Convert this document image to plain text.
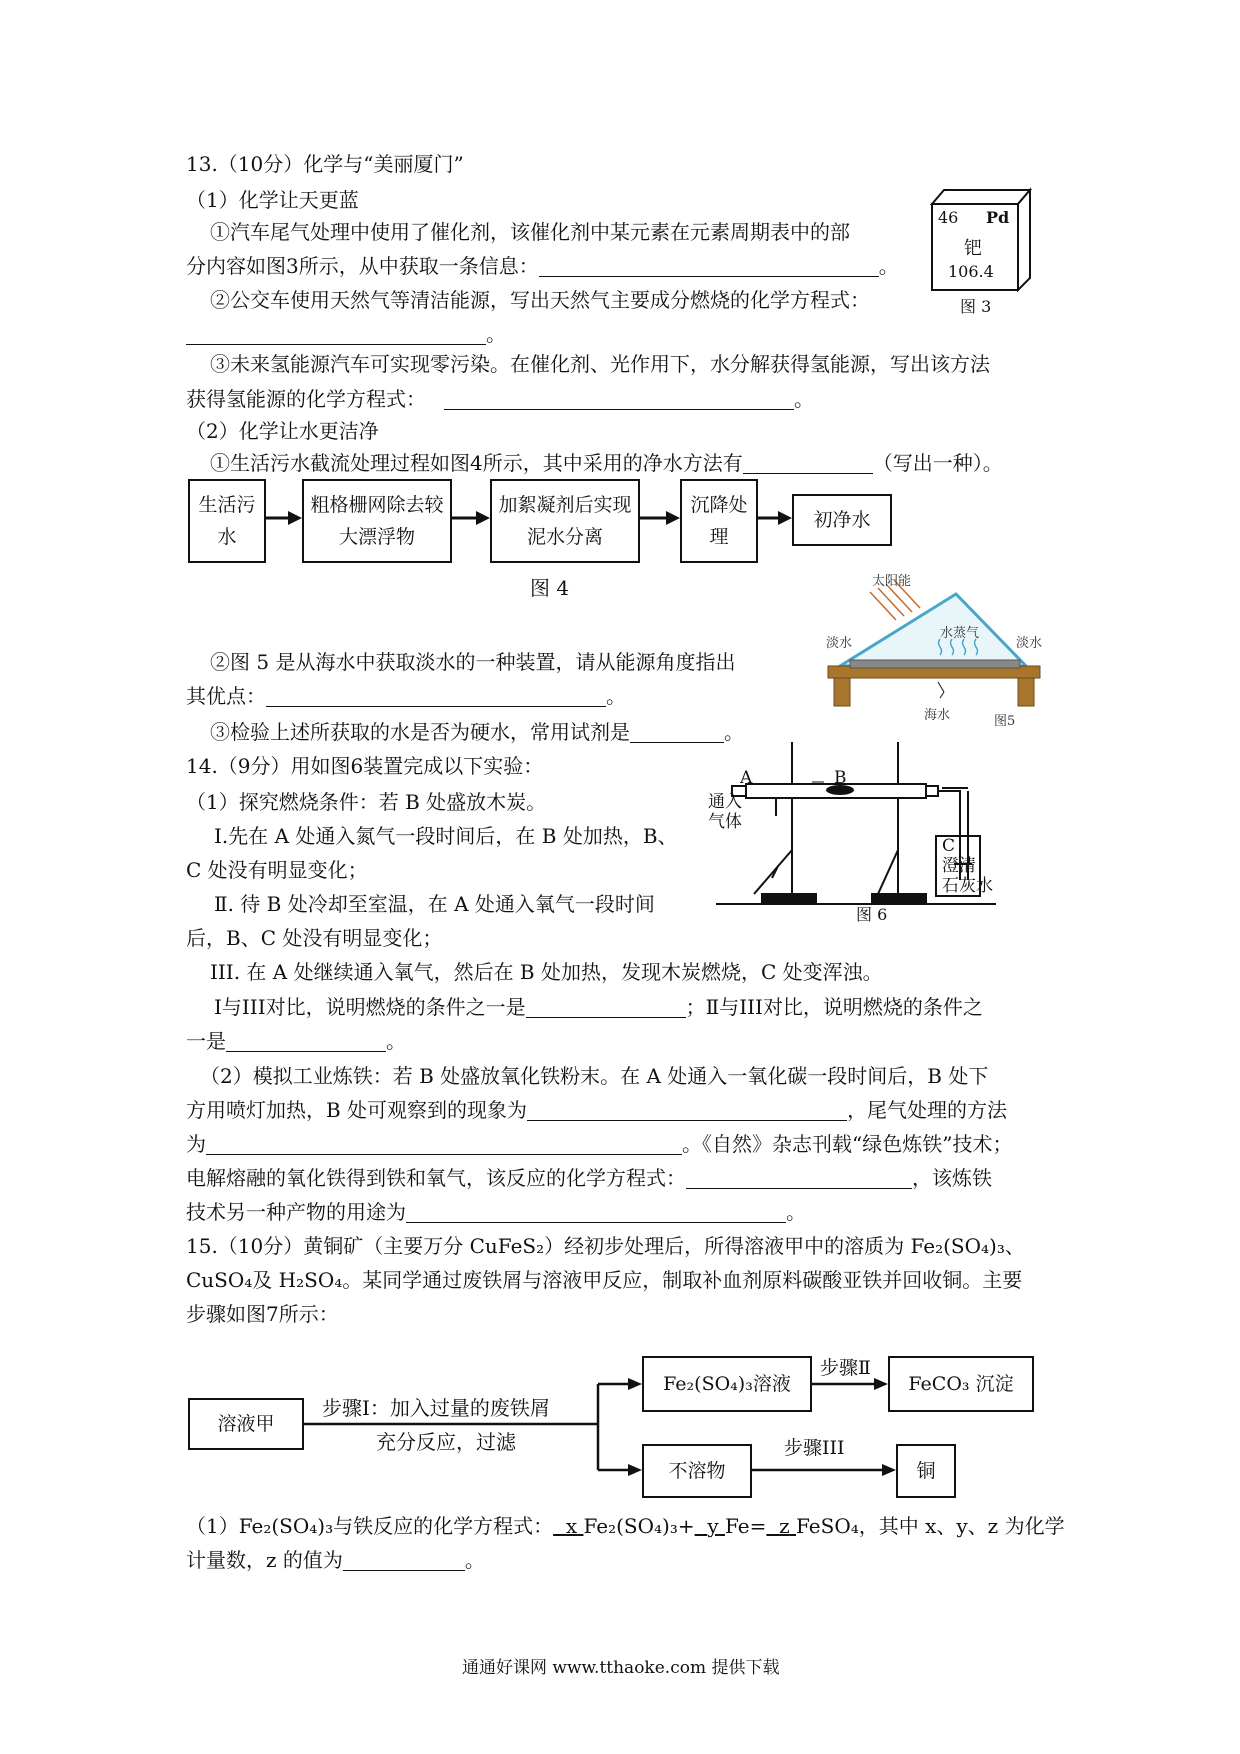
13.（10分）化学与“美丽厦门”
（1）化学让天更蓝
①汽车尾气处理中使用了催化剂，该催化剂中某元素在元素周期表中的部
分内容如图3所示，从中获取一条信息：	。
②公交车使用天然气等清洁能源，写出天然气主要成分燃烧的化学方程式：
。
③未来氢能源汽车可实现零污染。在催化剂、光作用下，水分解获得氢能源，写出该方法
获得氢能源的化学方程式：	。
（2）化学让水更洁净
①生活污水截流处理过程如图4所示，其中采用的净水方法有	（写出一种）。
46 Pd
钯
106.4
图 3
生活污水
粗格栅网除去较大漂浮物
加絮凝剂后实现泥水分离
沉降处理
初净水
图 4	太阳能
水蒸气
淡水	淡水
海水	图5
②图 5 是从海水中获取淡水的一种装置，请从能源角度指出
其优点：	。
③检验上述所获取的水是否为硬水，常用试剂是	。
14.（9分）用如图6装置完成以下实验：
（1）探究燃烧条件：若 B 处盛放木炭。
Ⅰ.先在 A 处通入氮气一段时间后，在 B 处加热，B、
C 处没有明显变化；
Ⅱ. 待 B 处冷却至室温，在 A 处通入氧气一段时间
后，B、C 处没有明显变化；
III. 在 A 处继续通入氧气，然后在 B 处加热，发现木炭燃烧，C 处变浑浊。
Ⅰ与III对比，说明燃烧的条件之一是	；Ⅱ与III对比，说明燃烧的条件之
一是	。
（2）模拟工业炼铁：若 B 处盛放氧化铁粉末。在 A 处通入一氧化碳一段时间后，B 处下
方用喷灯加热，B 处可观察到的现象为	，尾气处理的方法
为	。《自然》杂志刊载“绿色炼铁”技术；
电解熔融的氧化铁得到铁和氧气，该反应的化学方程式：	，该炼铁
技术另一种产物的用途为	。
A	B
通入
气体
C
澄清
石灰水
图 6
15.（10分）黄铜矿（主要万分 CuFeS₂）经初步处理后，所得溶液甲中的溶质为 Fe₂(SO₄)₃、
CuSO₄及 H₂SO₄。某同学通过废铁屑与溶液甲反应，制取补血剂原料碳酸亚铁并回收铜。主要
步骤如图7所示：
溶液甲
Fe₂(SO₄)₃溶液	FeCO₃ 沉淀
不溶物	铜
步骤Ⅰ：加入过量的废铁屑
充分反应，过滤
步骤Ⅱ
步骤III
（1）Fe₂(SO₄)₃与铁反应的化学方程式： x Fe₂(SO₄)₃+ y Fe= z FeSO₄，其中 x、y、z 为化学
计量数，z 的值为	。
通通好课网 www.tthaoke.com 提供下载
